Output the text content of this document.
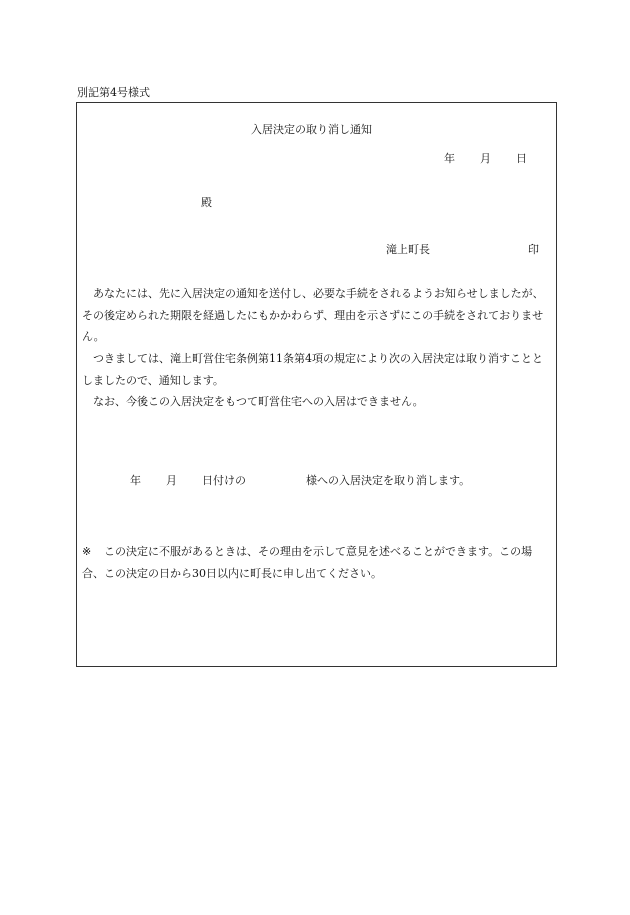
別記第4号様式
入居決定の取り消し通知
年 月 日
殿
滝上町長	印
あなたには、先に入居決定の通知を送付し、必要な手続をされるようお知らせしましたが、その後定められた期限を経過したにもかかわらず、理由を示さずにこの手続をされておりません。
つきましては、滝上町営住宅条例第11条第4項の規定により次の入居決定は取り消すこととしましたので、通知します。
なお、今後この入居決定をもつて町営住宅への入居はできません。
年 月 日付けの	様への入居決定を取り消します。
※ この決定に不服があるときは、その理由を示して意見を述べることができます。この場合、この決定の日から30日以内に町長に申し出てください。
